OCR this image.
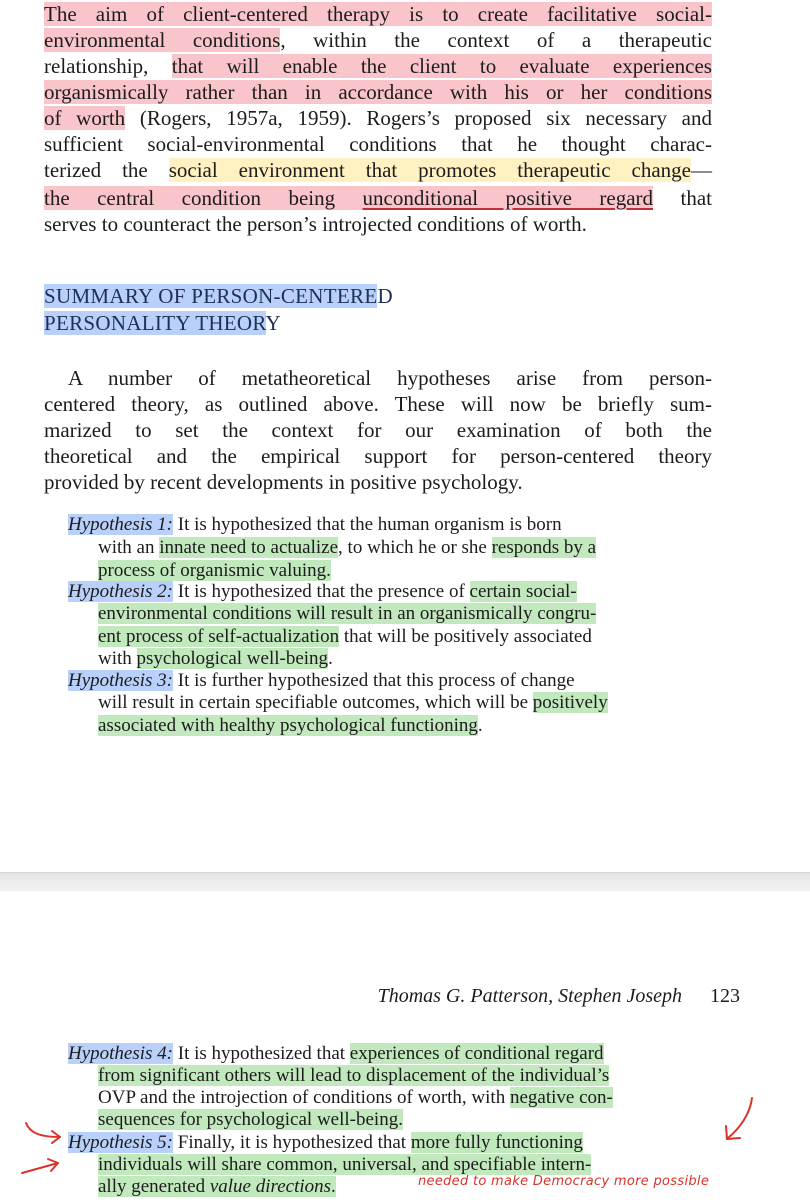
The aim of client-centered therapy is to create facilitative social-
environmental conditions, within the context of a therapeutic
relationship, that will enable the client to evaluate experiences
organismically rather than in accordance with his or her conditions
of worth (Rogers, 1957a, 1959). Rogers’s proposed six necessary and
sufficient social-environmental conditions that he thought charac-
terized the social environment that promotes therapeutic change—
the central condition being unconditional positive regard that
serves to counteract the person’s introjected conditions of worth.
SUMMARY OF PERSON-CENTERED
PERSONALITY THEORY
A number of metatheoretical hypotheses arise from person-
centered theory, as outlined above. These will now be briefly sum-
marized to set the context for our examination of both the
theoretical and the empirical support for person-centered theory
provided by recent developments in positive psychology.
Hypothesis 1: It is hypothesized that the human organism is born
with an innate need to actualize, to which he or she responds by a
process of organismic valuing.
Hypothesis 2: It is hypothesized that the presence of certain social-
environmental conditions will result in an organismically congru-
ent process of self-actualization that will be positively associated
with psychological well-being.
Hypothesis 3: It is further hypothesized that this process of change
will result in certain specifiable outcomes, which will be positively
associated with healthy psychological functioning.
Thomas G. Patterson, Stephen Joseph 123
Hypothesis 4: It is hypothesized that experiences of conditional regard
from significant others will lead to displacement of the individual’s
OVP and the introjection of conditions of worth, with negative con-
sequences for psychological well-being.
Hypothesis 5: Finally, it is hypothesized that more fully functioning
individuals will share common, universal, and specifiable intern-
ally generated value directions.	needed to make Democracy more possible
